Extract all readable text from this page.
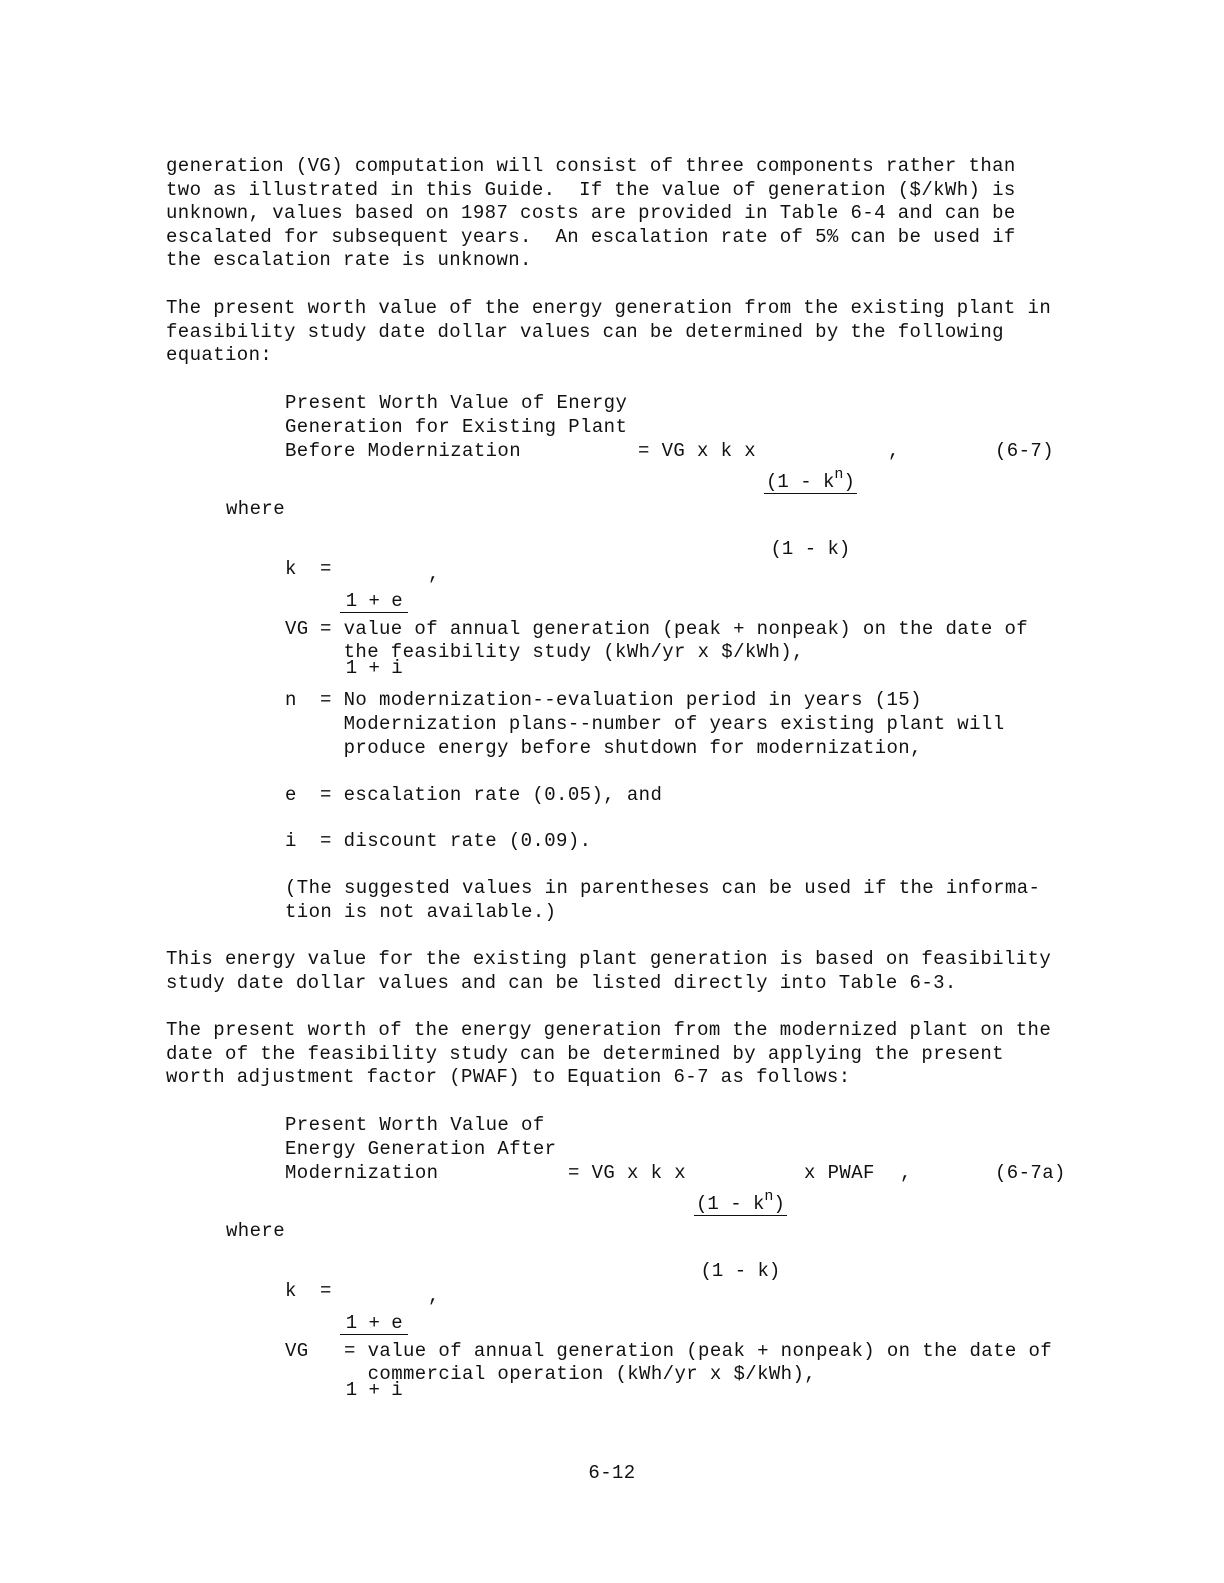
generation (VG) computation will consist of three components rather than
two as illustrated in this Guide.  If the value of generation ($/kWh) is
unknown, values based on 1987 costs are provided in Table 6-4 and can be
escalated for subsequent years.  An escalation rate of 5% can be used if
the escalation rate is unknown.
The present worth value of the energy generation from the existing plant in
feasibility study date dollar values can be determined by the following
equation:
Present Worth Value of Energy
Generation for Existing Plant
Before Modernization	= VG x k x

$\frac{(1 - k^n)}{(1 - k)}$

,	(6-7)
where
k =

$\frac{1 + e}{1 + i}$

,
VG = value of annual generation (peak + nonpeak) on the date of
the feasibility study (kWh/yr x $/kWh),
n = No modernization--evaluation period in years (15)
Modernization plans--number of years existing plant will
produce energy before shutdown for modernization,
e = escalation rate (0.05), and
i = discount rate (0.09).
(The suggested values in parentheses can be used if the informa-
tion is not available.)
This energy value for the existing plant generation is based on feasibility
study date dollar values and can be listed directly into Table 6-3.
The present worth of the energy generation from the modernized plant on the
date of the feasibility study can be determined by applying the present
worth adjustment factor (PWAF) to Equation 6-7 as follows:
Present Worth Value of
Energy Generation After
Modernization	= VG x k x

$\frac{(1 - k^n)}{(1 - k)}$

x PWAF ,	(6-7a)
where
k =

$\frac{1 + e}{1 + i}$

,
VG = value of annual generation (peak + nonpeak) on the date of
commercial operation (kWh/yr x $/kWh),
6-12
